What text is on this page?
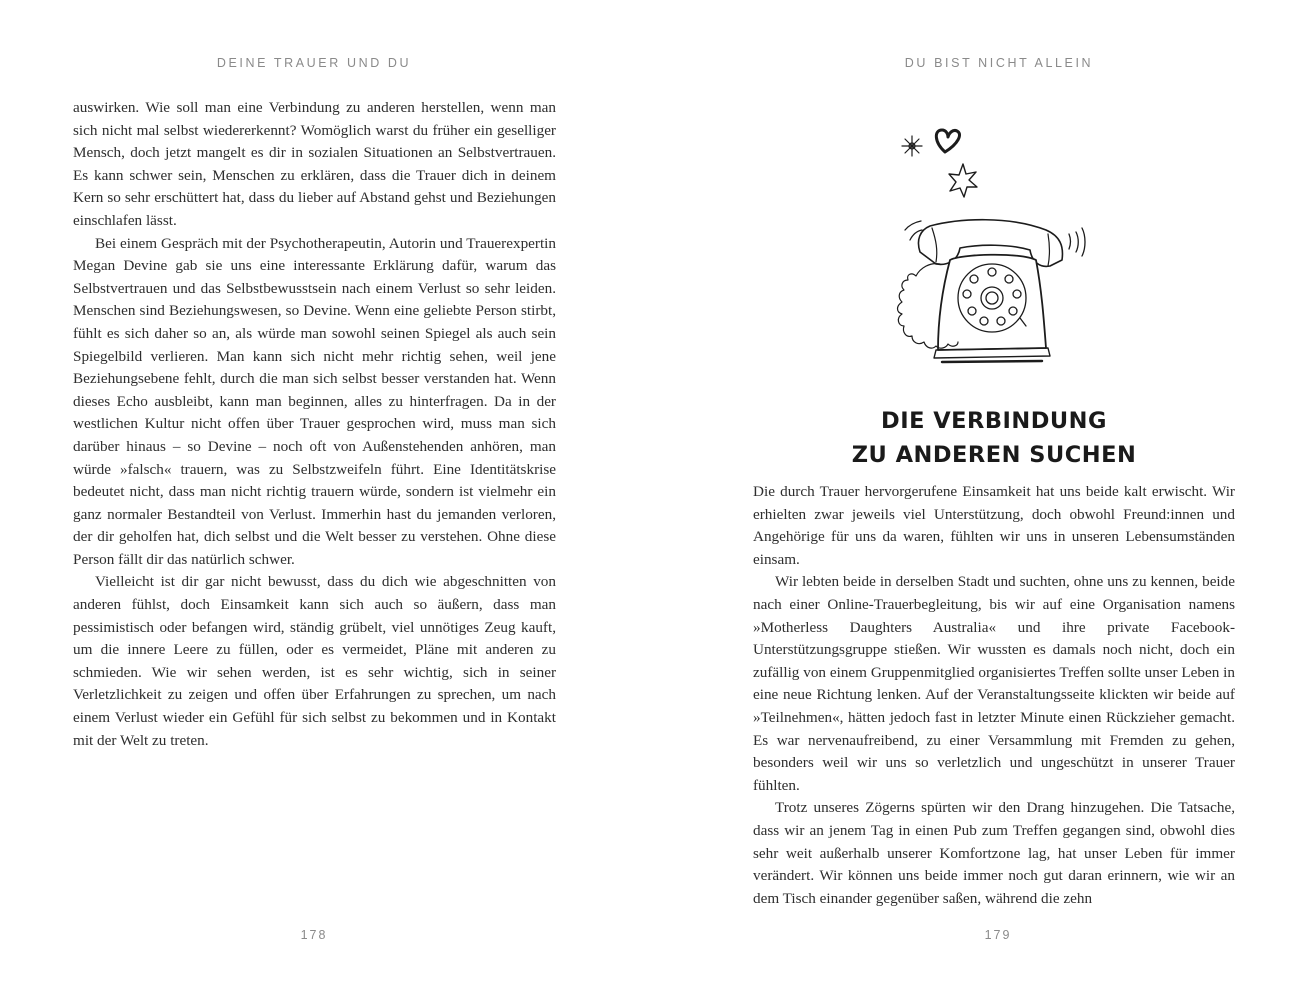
DEINE TRAUER UND DU

auswirken. Wie soll man eine Verbindung zu anderen herstellen, wenn man sich nicht mal selbst wiedererkennt? Womöglich warst du früher ein geselliger Mensch, doch jetzt mangelt es dir in sozialen Situationen an Selbstvertrauen. Es kann schwer sein, Menschen zu erklären, dass die Trauer dich in deinem Kern so sehr erschüttert hat, dass du lieber auf Abstand gehst und Beziehungen einschlafen lässt.

Bei einem Gespräch mit der Psychotherapeutin, Autorin und Trauerexpertin Megan Devine gab sie uns eine interessante Erklärung dafür, warum das Selbstvertrauen und das Selbstbewusstsein nach einem Verlust so sehr leiden. Menschen sind Beziehungswesen, so Devine. Wenn eine geliebte Person stirbt, fühlt es sich daher so an, als würde man sowohl seinen Spiegel als auch sein Spiegelbild verlieren. Man kann sich nicht mehr richtig sehen, weil jene Beziehungsebene fehlt, durch die man sich selbst besser verstanden hat. Wenn dieses Echo ausbleibt, kann man beginnen, alles zu hinterfragen. Da in der westlichen Kultur nicht offen über Trauer gesprochen wird, muss man sich darüber hinaus – so Devine – noch oft von Außenstehenden anhören, man würde »falsch« trauern, was zu Selbstzweifeln führt. Eine Identitätskrise bedeutet nicht, dass man nicht richtig trauern würde, sondern ist vielmehr ein ganz normaler Bestandteil von Verlust. Immerhin hast du jemanden verloren, der dir geholfen hat, dich selbst und die Welt besser zu verstehen. Ohne diese Person fällt dir das natürlich schwer.

Vielleicht ist dir gar nicht bewusst, dass du dich wie abgeschnitten von anderen fühlst, doch Einsamkeit kann sich auch so äußern, dass man pessimistisch oder befangen wird, ständig grübelt, viel unnötiges Zeug kauft, um die innere Leere zu füllen, oder es vermeidet, Pläne mit anderen zu schmieden. Wie wir sehen werden, ist es sehr wichtig, sich in seiner Verletzlichkeit zu zeigen und offen über Erfahrungen zu sprechen, um nach einem Verlust wieder ein Gefühl für sich selbst zu bekommen und in Kontakt mit der Welt zu treten.

178
DU BIST NICHT ALLEIN
DIE VERBINDUNG
ZU ANDEREN SUCHEN

Die durch Trauer hervorgerufene Einsamkeit hat uns beide kalt erwischt. Wir erhielten zwar jeweils viel Unterstützung, doch obwohl Freund:innen und Angehörige für uns da waren, fühlten wir uns in unseren Lebensumständen einsam.

Wir lebten beide in derselben Stadt und suchten, ohne uns zu kennen, beide nach einer Online-Trauerbegleitung, bis wir auf eine Organisation namens »Motherless Daughters Australia« und ihre private Facebook-Unterstützungsgruppe stießen. Wir wussten es damals noch nicht, doch ein zufällig von einem Gruppenmitglied organisiertes Treffen sollte unser Leben in eine neue Richtung lenken. Auf der Veranstaltungsseite klickten wir beide auf »Teilnehmen«, hätten jedoch fast in letzter Minute einen Rückzieher gemacht. Es war nervenaufreibend, zu einer Versammlung mit Fremden zu gehen, besonders weil wir uns so verletzlich und ungeschützt in unserer Trauer fühlten.

Trotz unseres Zögerns spürten wir den Drang hinzugehen. Die Tatsache, dass wir an jenem Tag in einen Pub zum Treffen gegangen sind, obwohl dies sehr weit außerhalb unserer Komfortzone lag, hat unser Leben für immer verändert. Wir können uns beide immer noch gut daran erinnern, wie wir an dem Tisch einander gegenüber saßen, während die zehn

179
